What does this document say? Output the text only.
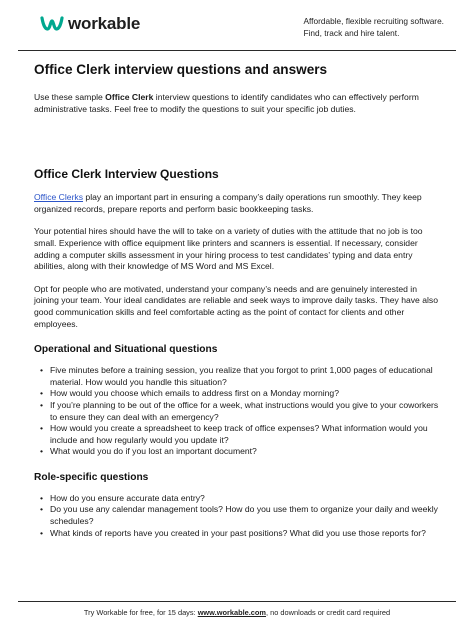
workable	Affordable, flexible recruiting software.
Find, track and hire talent.
Office Clerk interview questions and answers

Use these sample Office Clerk interview questions to identify candidates who can effectively perform administrative tasks. Feel free to modify the questions to suit your specific job duties.

Office Clerk Interview Questions

Office Clerks play an important part in ensuring a company’s daily operations run smoothly. They keep organized records, prepare reports and perform basic bookkeeping tasks.

Your potential hires should have the will to take on a variety of duties with the attitude that no job is too small. Experience with office equipment like printers and scanners is essential. If necessary, consider adding a computer skills assessment in your hiring process to test candidates’ typing and data entry abilities, along with their knowledge of MS Word and MS Excel.

Opt for people who are motivated, understand your company’s needs and are genuinely interested in joining your team. Your ideal candidates are reliable and seek ways to improve daily tasks. They have also good communication skills and feel comfortable acting as the point of contact for clients and other employees.

Operational and Situational questions
• Five minutes before a training session, you realize that you forgot to print 1,000 pages of educational material. How would you handle this situation?
• How would you choose which emails to address first on a Monday morning?
• If you’re planning to be out of the office for a week, what instructions would you give to your coworkers to ensure they can deal with an emergency?
• How would you create a spreadsheet to keep track of office expenses? What information would you include and how regularly would you update it?
• What would you do if you lost an important document?
Role-specific questions
• How do you ensure accurate data entry?
• Do you use any calendar management tools? How do you use them to organize your daily and weekly schedules?
• What kinds of reports have you created in your past positions? What did you use those reports for?
Try Workable for free, for 15 days: www.workable.com, no downloads or credit card required
